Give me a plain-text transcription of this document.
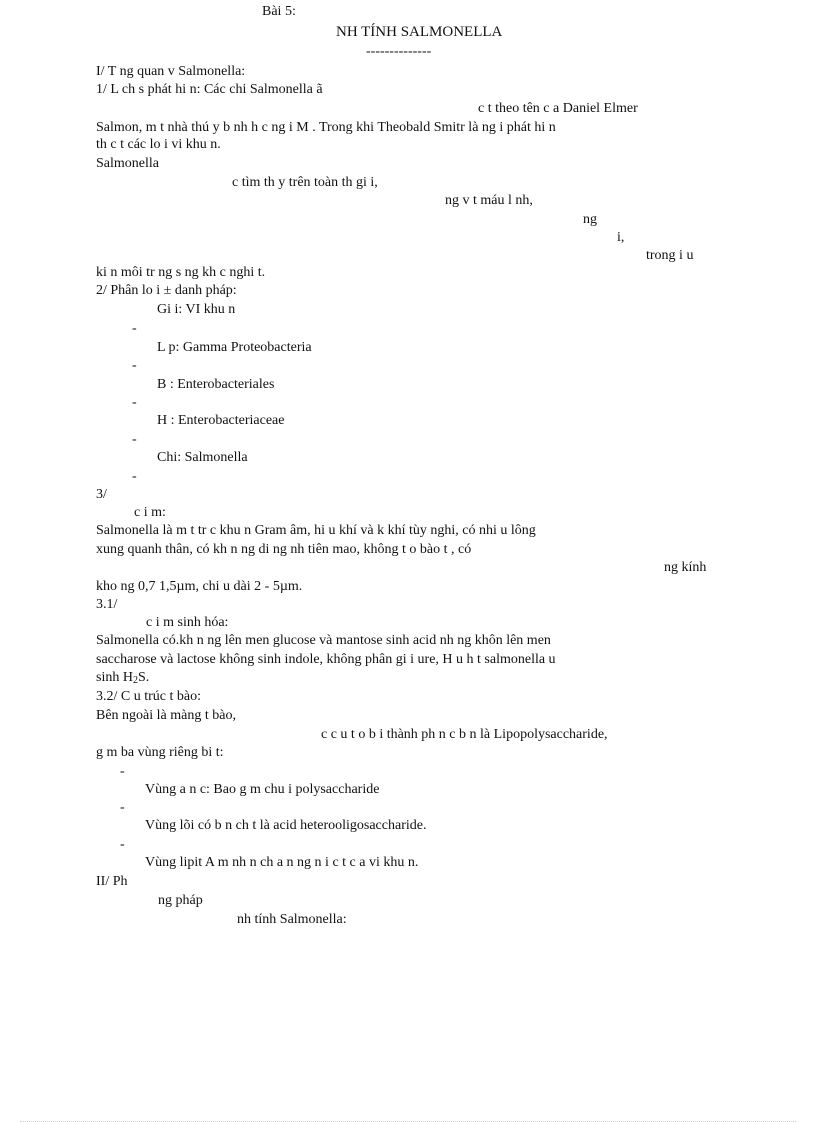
Bài 5:
NH TÍNH SALMONELLA
--------------
I/ T ng quan v Salmonella:
1/ L ch s phát hi n: Các chi Salmonella ã
c t theo tên c a Daniel Elmer
Salmon, m t nhà thú y b nh h c ng i M . Trong khi Theobald Smitr là ng i phát hi n
th c t các lo i vi khu n.
Salmonella
c tìm th y trên toàn th gi i,
ng v t máu l nh,
ng
i,
trong i u
ki n môi tr ng s ng kh c nghi t.
2/ Phân lo i ± danh pháp:
Gi i: VI khu n
-
L p: Gamma Proteobacteria
-
B : Enterobacteriales
-
H : Enterobacteriaceae
-
Chi: Salmonella
-
3/
c i m:
Salmonella là m t tr c khu n Gram âm, hi u khí và k khí tùy nghi, có nhi u lông
xung quanh thân, có kh n ng di ng nh tiên mao, không t o bào t , có
ng kính
kho ng 0,7 1,5µm, chi u dài 2 - 5µm.
3.1/
c i m sinh hóa:
Salmonella có.kh n ng lên men glucose và mantose sinh acid nh ng khôn lên men
saccharose và lactose không sinh indole, không phân gi i ure, H u h t salmonella u
$\sinh H_2S$.
3.2/ C u trúc t bào:
Bên ngoài là màng t bào,
c c u t o b i thành ph n c b n là Lipopolysaccharide,
g m ba vùng riêng bi t:
-
Vùng a n c: Bao g m chu i polysaccharide
-
Vùng lõi có b n ch t là acid heterooligosaccharide.
-
Vùng lipit A m nh n ch a n ng n i c t c a vi khu n.
II/ Ph
ng pháp
nh tính Salmonella:
